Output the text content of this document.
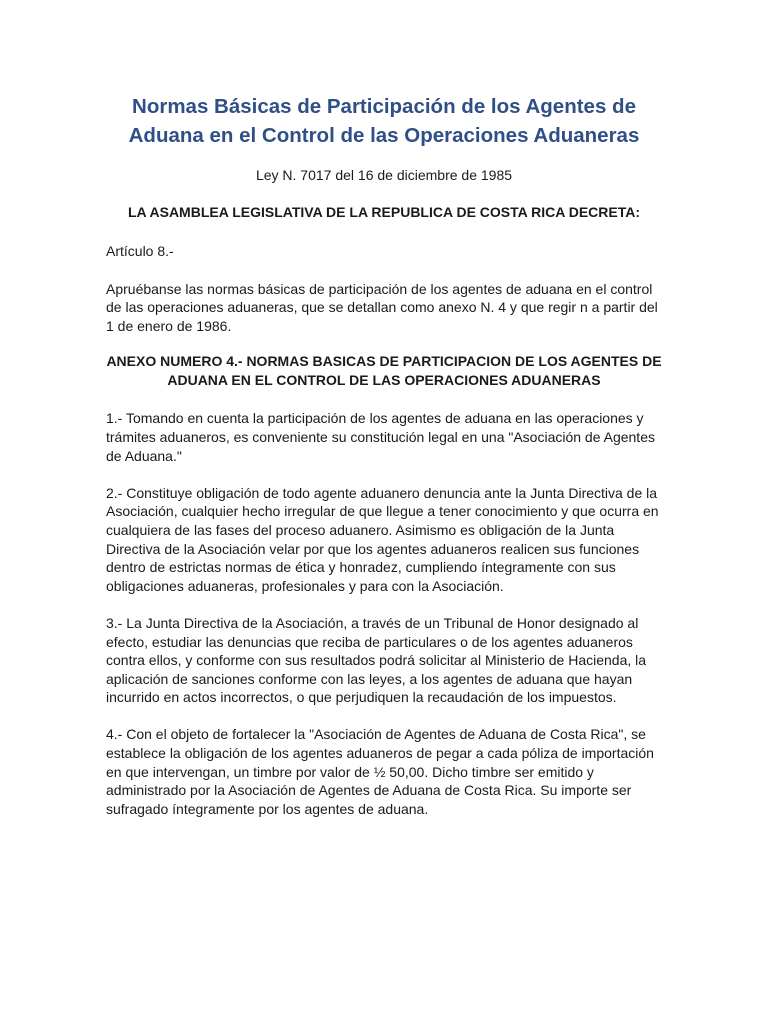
Normas Básicas de Participación de los Agentes de Aduana en el Control de las Operaciones Aduaneras

Ley N. 7017 del 16 de diciembre de 1985

LA ASAMBLEA LEGISLATIVA DE LA REPUBLICA DE COSTA RICA DECRETA:

Artículo 8.-

Apruébanse las normas básicas de participación de los agentes de aduana en el control de las operaciones aduaneras, que se detallan como anexo N. 4 y que regir n a partir del 1 de enero de 1986.

ANEXO NUMERO 4.- NORMAS BASICAS DE PARTICIPACION DE LOS AGENTES DE ADUANA EN EL CONTROL DE LAS OPERACIONES ADUANERAS

1.- Tomando en cuenta la participación de los agentes de aduana en las operaciones y trámites aduaneros, es conveniente su constitución legal en una "Asociación de Agentes de Aduana."

2.- Constituye obligación de todo agente aduanero denuncia ante la Junta Directiva de la Asociación, cualquier hecho irregular de que llegue a tener conocimiento y que ocurra en cualquiera de las fases del proceso aduanero. Asimismo es obligación de la Junta Directiva de la Asociación velar por que los agentes aduaneros realicen sus funciones dentro de estrictas normas de ética y honradez, cumpliendo íntegramente con sus obligaciones aduaneras, profesionales y para con la Asociación.

3.- La Junta Directiva de la Asociación, a través de un Tribunal de Honor designado al efecto, estudiar las denuncias que reciba de particulares o de los agentes aduaneros contra ellos, y conforme con sus resultados podrá solicitar al Ministerio de Hacienda, la aplicación de sanciones conforme con las leyes, a los agentes de aduana que hayan incurrido en actos incorrectos, o que perjudiquen la recaudación de los impuestos.

4.- Con el objeto de fortalecer la "Asociación de Agentes de Aduana de Costa Rica", se establece la obligación de los agentes aduaneros de pegar a cada póliza de importación en que intervengan, un timbre por valor de ½ 50,00. Dicho timbre ser emitido y administrado por la Asociación de Agentes de Aduana de Costa Rica. Su importe ser sufragado íntegramente por los agentes de aduana.
